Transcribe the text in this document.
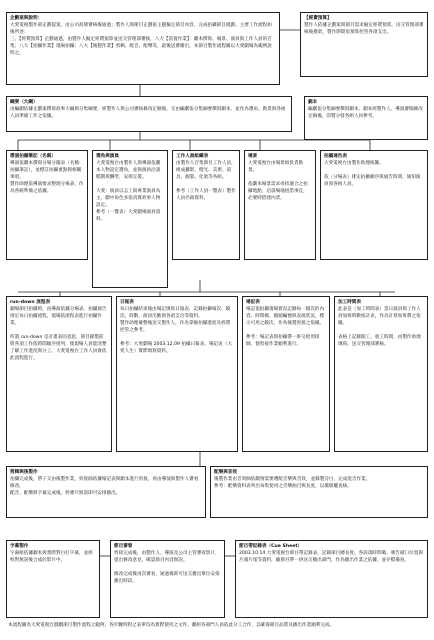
企劃案與說明：
大愛電視製作部企劃提案，由公司高層審核後通過；製作人與節目企劃依主題擬定節目內容，完成拍攝節目規劃。主要工作流程如後所述：
三、【經費預算】企劃通過，由製作人擬定經費預算並送交管理部審核，八大【前置作業】：劇本撰寫、場景、演員與工作人員的召集；八大【拍攝作業】現場拍攝；八大【後製作業】剪輯、配音、配樂等，最後送審播出。本節目製作流程圖以大愛劇場為範例說明之。
【經費預算】
製作人依據企劃案與節目需求擬定經費預算，送交管理部審核後撥款，製作期間依預算控管各項支出。
綱要（大綱）
由編劇依據企劃案撰寫故事大綱與分集綱要，經製作人與公司審核修改定稿後，交由編劇依分集綱要撰寫劇本，並作為選角、勘景與各組人員準備工作之依據。
劇本
編劇依分集綱要撰寫劇本，劇本經製作人、導演審閱修改定稿後，印製分發各組人員參考。
導演拍攝筆記（名稱）
導演依劇本撰寫分場分鏡表（名稱：拍攝筆記），並標註拍攝重點與相關事項。
製作助理依導演要求整理分場表，作為各組準備之依據。
選角與演員
大愛電視台由製作人與導演依劇本人物設定選角，並與演員洽談檔期與酬勞，安排定裝。

大愛：演員以志工與專業演員為主，劇中角色多依真實故事人物設定。
參考（一覽表）大愛劇場演員資料。
工作人員組織表
由製作人召集節目工作人員，組成攝影、燈光、美術、道具、服裝、化妝等各組。

參考（工作人員一覽表）製作人員名冊資料。
場景
大愛電視台由場景組負責勘景。

依劇本場景需求尋找適合之拍攝地點，洽談場地租借事宜，必要時搭建內景。
拍攝通告表
大愛電視台由製作助理統籌。

依（分場表）排定拍攝順序與通告時間，通知演員與各組人員。
run-down 流程表
劇場節目拍攝時，由導演依據分場表、拍攝通告排定每日拍攝流程，現場依流程表進行拍攝作業。

所謂 run-down 是計畫表的意思，節目錄製前將各項工作依時間順序排列，使現場人員能清楚了解工作進度與分工。大愛電視台工作人員會依此流程進行。
日報表
每日拍攝結束後由場記填寫日報表，記錄拍攝場次、鏡次、時數、演員出勤與各項支出等資料。
製作助理彙整後送交製作人，作為掌握拍攝進度及經費控管之參考。

參考：大愛劇場 2003.12.09 拍攝日報表。場記表（大愛人生）實際填寫資料。
場記表
場記依拍攝現場實況記錄每一鏡次的內容、時間碼、鏡頭編號與表演狀況，標示可用之鏡次，作為後製剪接之依據。

參考：場記表與拍攝帶一併交給剪接師，使剪接作業順利進行。
加工時間表
此表是（加工時間表）當日演員與工作人員加班時數統計表，作為計算加班費之依據。

表格上記錄開工、收工時間，由製作助理填寫，送交管理部審核。
剪輯與後製作
拍攝完成後，帶子交由後製作業，剪接師依據場記表與劇本進行剪接，再由導演與製作人審看修改。
配音、配樂與字幕完成後，經審片無誤即可安排播出。
配樂與音效
後製作業由音效師依劇情需要選配音樂與音效，並錄製旁白，完成混音作業。
參考：配樂資料表列出每集使用之音樂曲目與長度，以備版權查核。
字幕製作
字幕組依據劇本與實際對白打字幕，並經校對無誤後合成於影片中。
節目審看
剪接完成後，由製作人、導演及公司主管審看影片，提出修改意見，確認節目內容無誤。

修改完成後再次審看，通過後即可送交播出單位安排播出時段。
節目帶記錄表（Cue Sheet）
2003.10.14 大愛電視台節目帶記錄表，記錄節目總長度、各段落時間碼、廣告破口位置與片頭片尾等資料，隨節目帶一併送交播出部門，作為播出作業之依據，並存檔備查。
本流程圖為大愛電視台戲劇節目製作流程之範例，各步驟所附之表單均為實際使用之文件。劇組各部門人員依此分工合作，以確保節目品質及播出作業順利完成。
